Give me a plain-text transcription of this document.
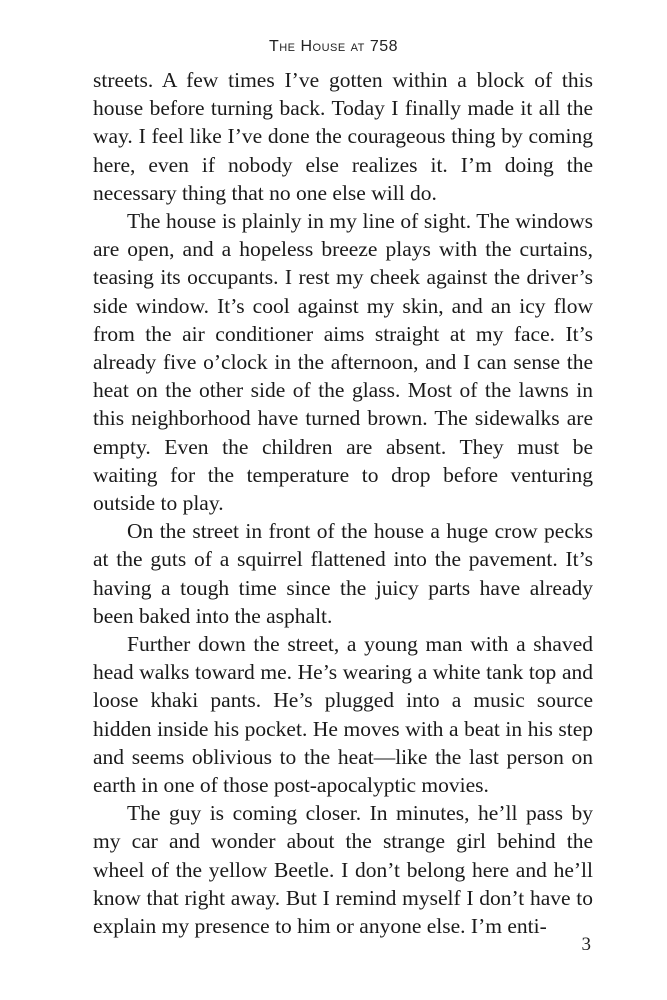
The House at 758

streets. A few times I’ve gotten within a block of this house before turning back. Today I finally made it all the way. I feel like I’ve done the courageous thing by coming here, even if nobody else realizes it. I’m doing the necessary thing that no one else will do.

The house is plainly in my line of sight. The windows are open, and a hopeless breeze plays with the curtains, teasing its occupants. I rest my cheek against the driver’s side window. It’s cool against my skin, and an icy flow from the air conditioner aims straight at my face. It’s already five o’clock in the afternoon, and I can sense the heat on the other side of the glass. Most of the lawns in this neighborhood have turned brown. The sidewalks are empty. Even the children are absent. They must be waiting for the temperature to drop before venturing outside to play.

On the street in front of the house a huge crow pecks at the guts of a squirrel flattened into the pavement. It’s having a tough time since the juicy parts have already been baked into the asphalt.

Further down the street, a young man with a shaved head walks toward me. He’s wearing a white tank top and loose khaki pants. He’s plugged into a music source hidden inside his pocket. He moves with a beat in his step and seems oblivious to the heat—like the last person on earth in one of those post-apocalyptic movies.

The guy is coming closer. In minutes, he’ll pass by my car and wonder about the strange girl behind the wheel of the yellow Beetle. I don’t belong here and he’ll know that right away. But I remind myself I don’t have to explain my presence to him or anyone else. I’m enti-

3
